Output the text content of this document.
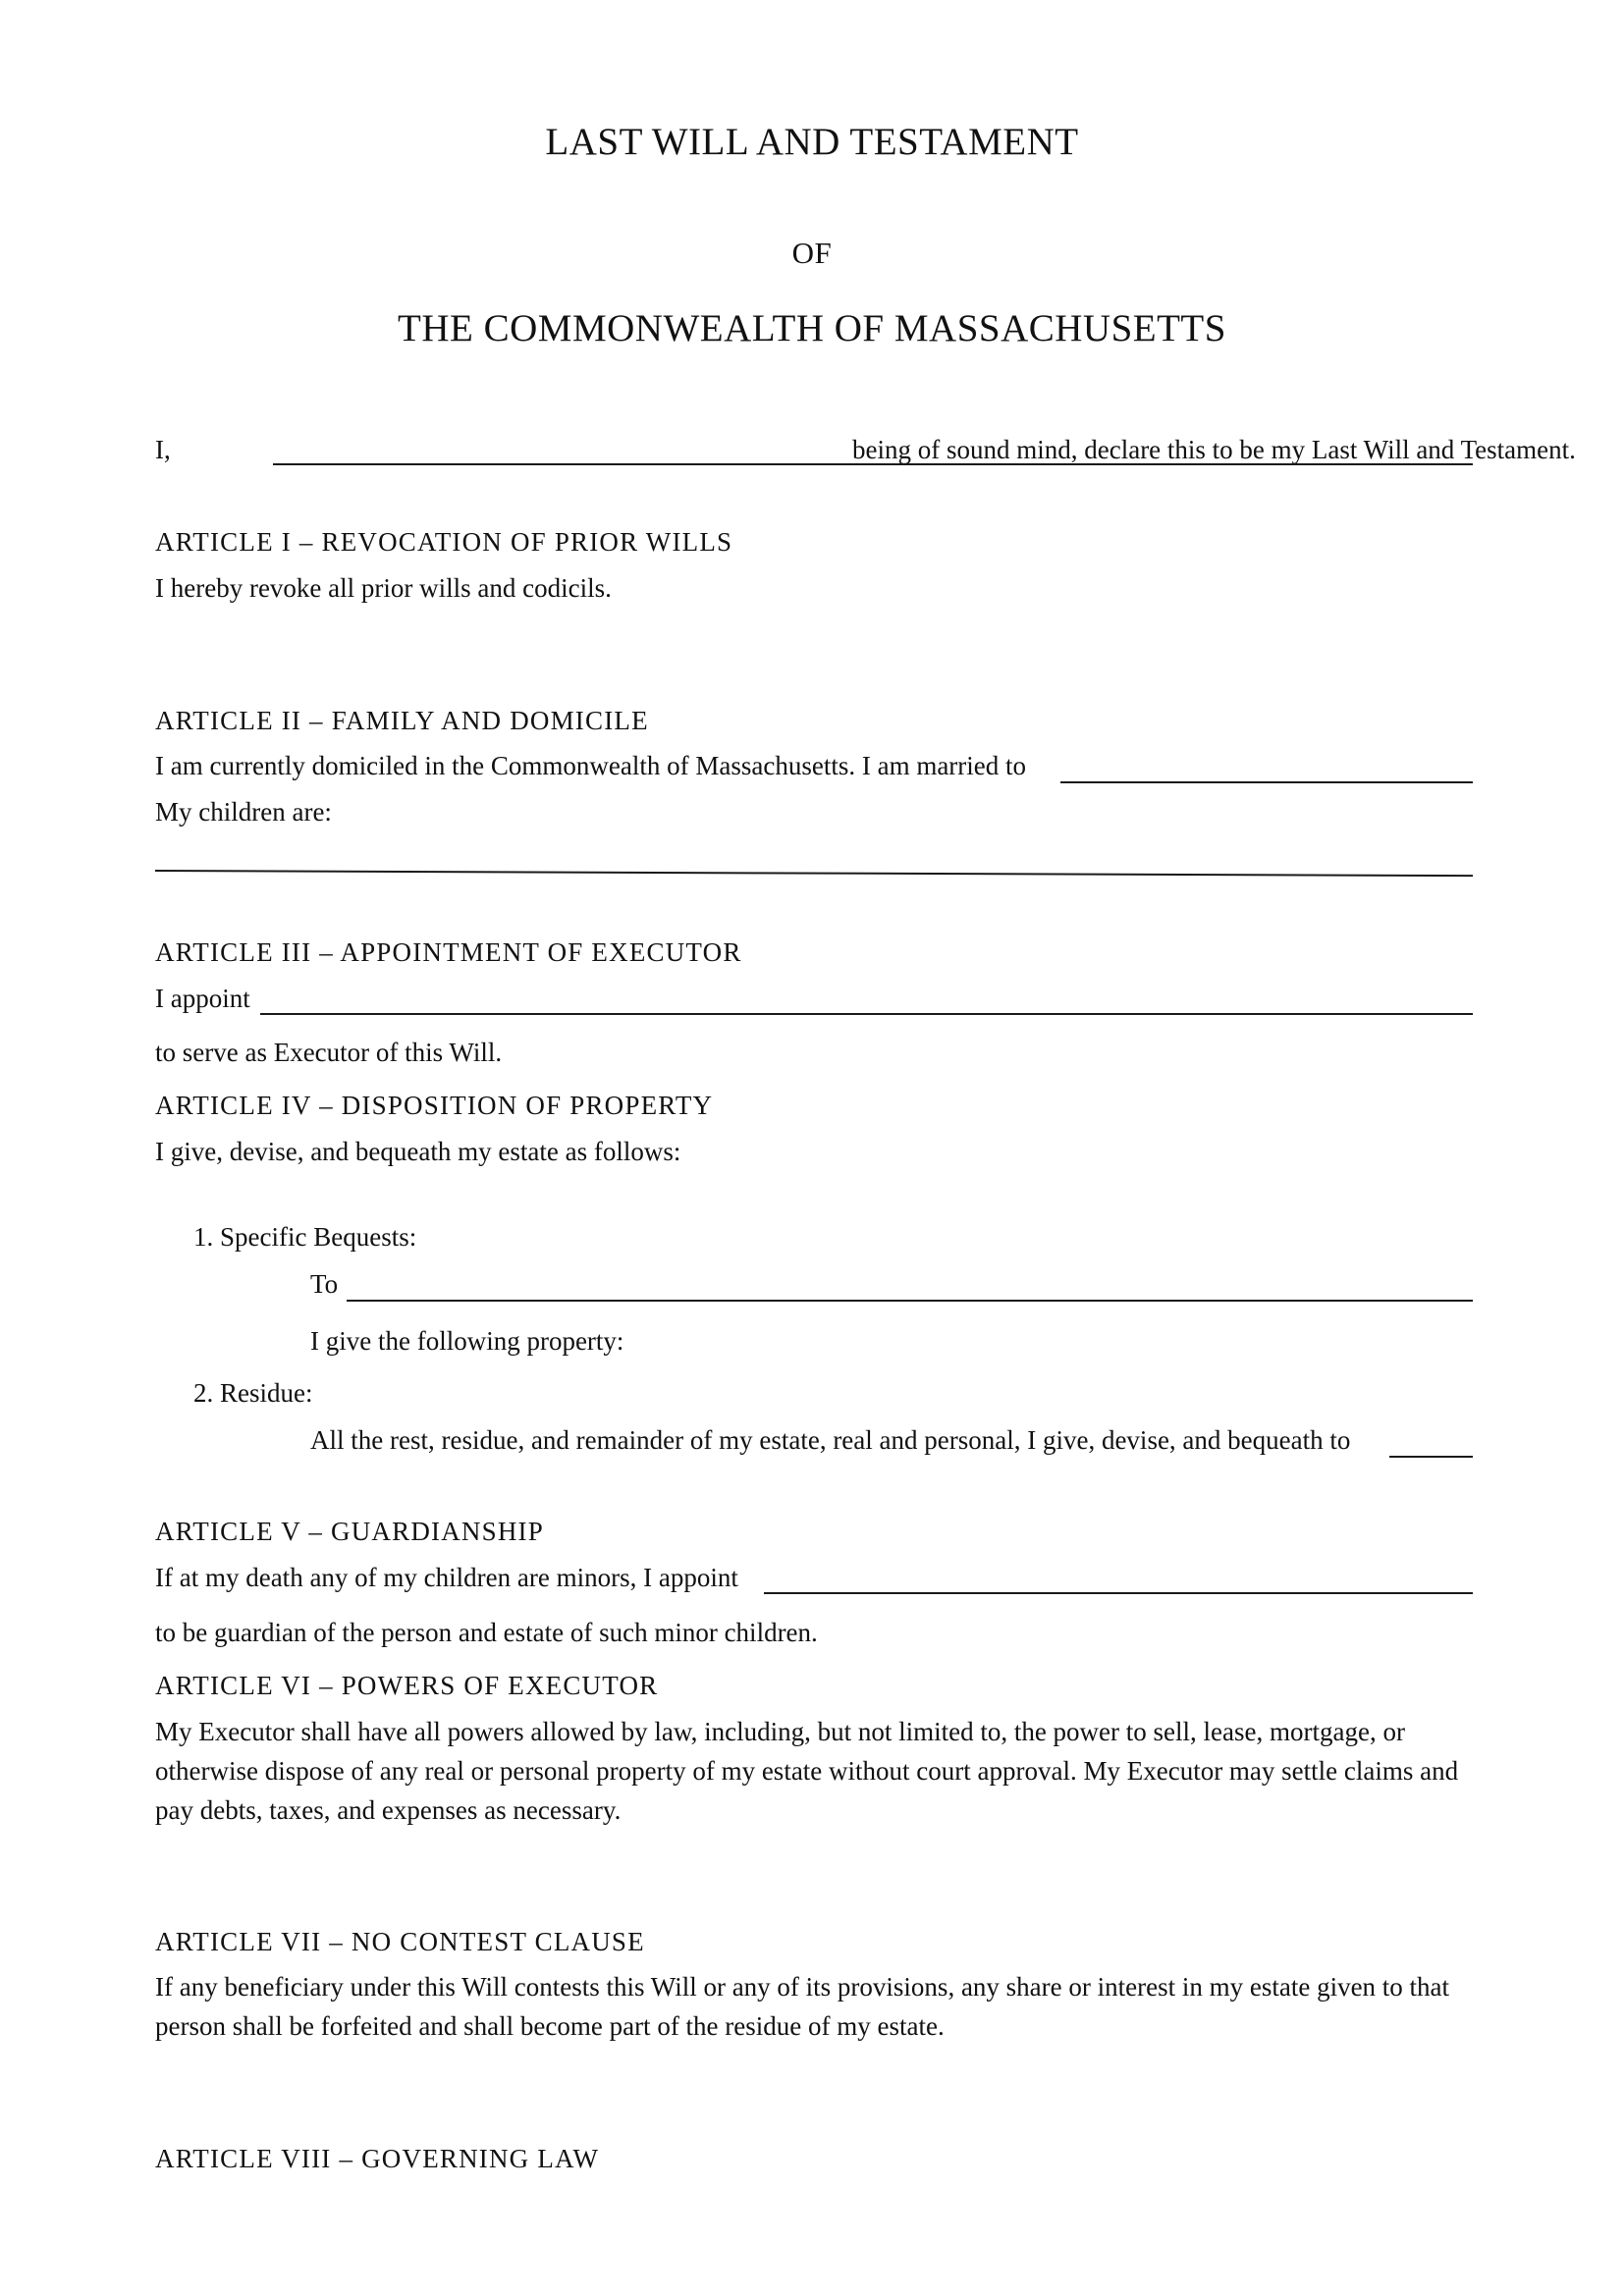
LAST WILL AND TESTAMENT
OF
THE COMMONWEALTH OF MASSACHUSETTS
I,	being of sound mind, declare this to be my Last Will and Testament.
ARTICLE I – REVOCATION OF PRIOR WILLS
I hereby revoke all prior wills and codicils.
ARTICLE II – FAMILY AND DOMICILE
I am currently domiciled in the Commonwealth of Massachusetts. I am married to
My children are:
ARTICLE III – APPOINTMENT OF EXECUTOR
I appoint
to serve as Executor of this Will.
ARTICLE IV – DISPOSITION OF PROPERTY
I give, devise, and bequeath my estate as follows:
1. Specific Bequests:
To
I give the following property:
2. Residue:
All the rest, residue, and remainder of my estate, real and personal, I give, devise, and bequeath to
ARTICLE V – GUARDIANSHIP
If at my death any of my children are minors, I appoint
to be guardian of the person and estate of such minor children.
ARTICLE VI – POWERS OF EXECUTOR
My Executor shall have all powers allowed by law, including, but not limited to, the power to sell, lease, mortgage, or otherwise dispose of any real or personal property of my estate without court approval. My Executor may settle claims and pay debts, taxes, and expenses as necessary.
ARTICLE VII – NO CONTEST CLAUSE
If any beneficiary under this Will contests this Will or any of its provisions, any share or interest in my estate given to that person shall be forfeited and shall become part of the residue of my estate.
ARTICLE VIII – GOVERNING LAW
